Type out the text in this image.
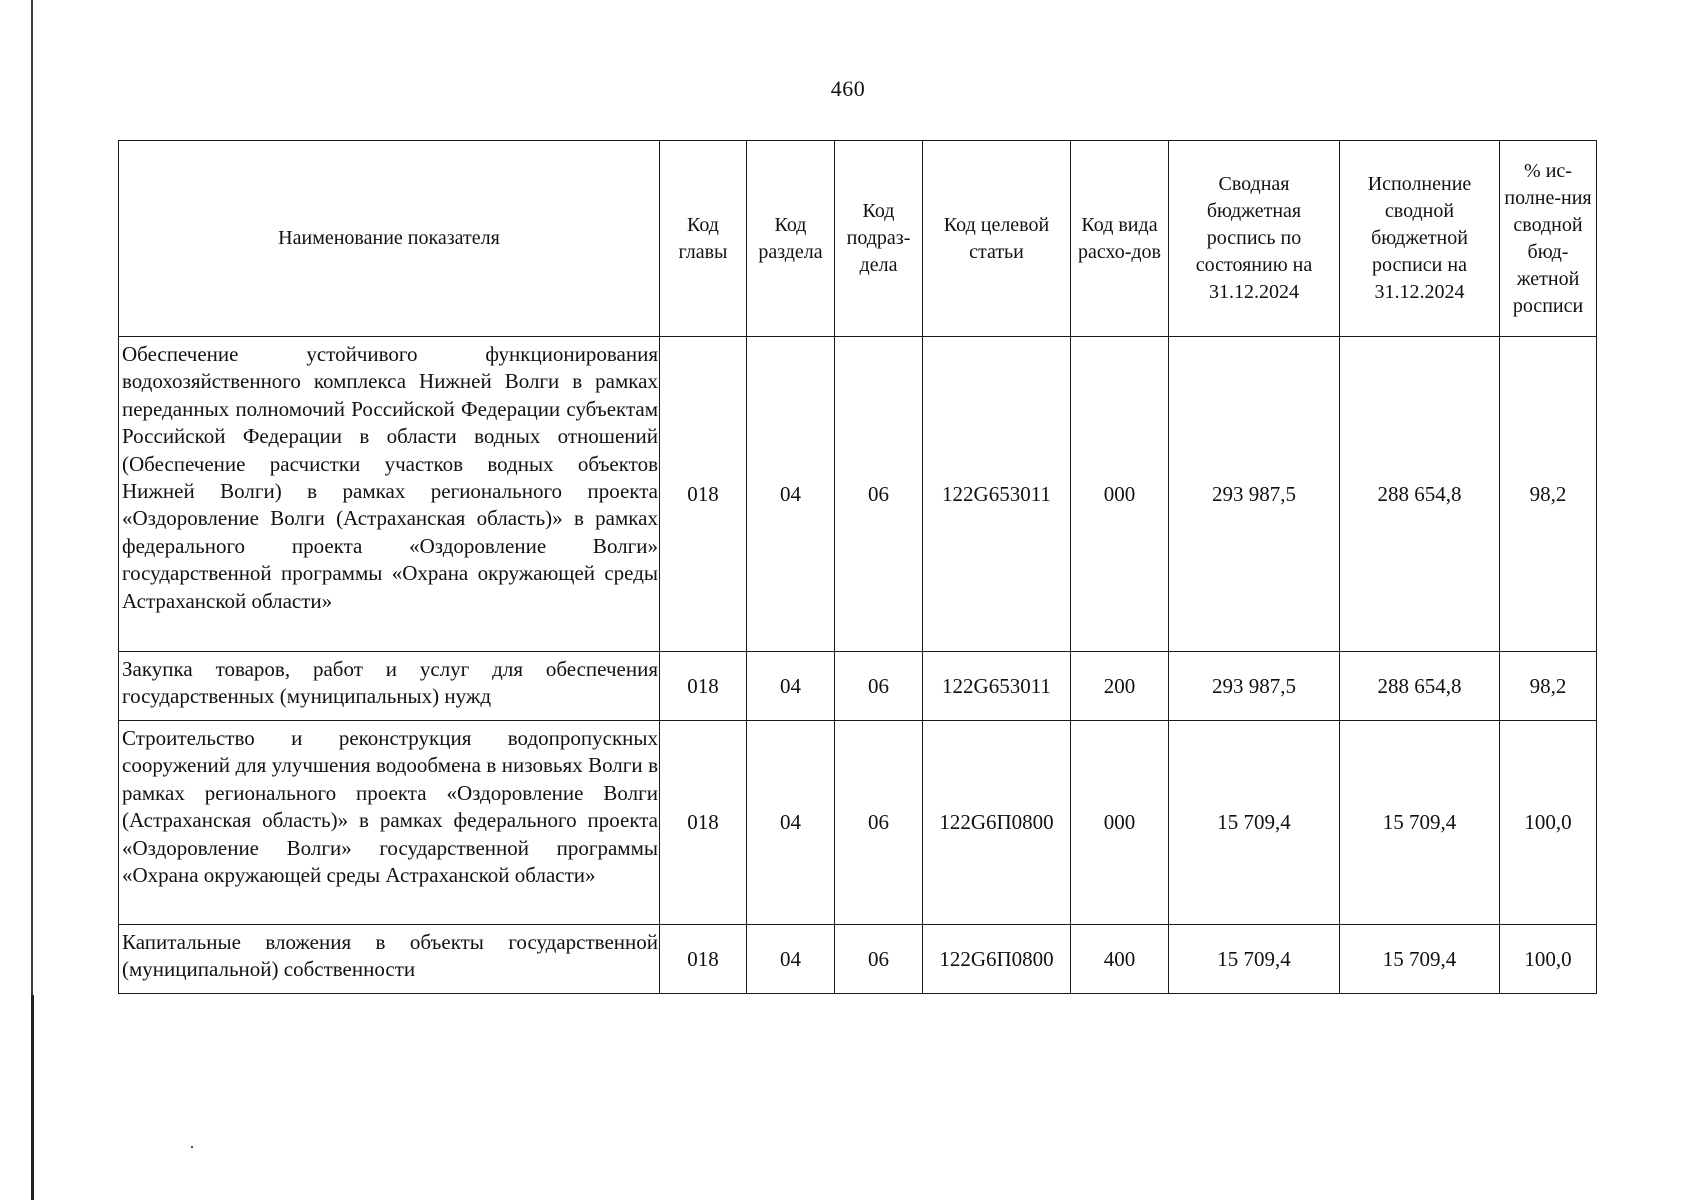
460
Наименование показателя	Код главы	Код раздела	Код подраз-дела	Код целевой статьи	Код вида расхо-дов	Сводная бюджетная роспись по состоянию на 31.12.2024	Исполнение сводной бюджетной росписи на 31.12.2024	% ис-полне-ния сводной бюд-жетной росписи
Обеспечение устойчивого функционирования водохозяйственного комплекса Нижней Волги в рамках переданных полномочий Российской Федерации субъектам Российской Федерации в области водных отношений (Обеспечение расчистки участков водных объектов Нижней Волги) в рамках регионального проекта «Оздоровление Волги (Астраханская область)» в рамках федерального проекта «Оздоровление Волги» государственной программы «Охрана окружающей среды Астраханской области»	018	04	06	122G653011	000	293 987,5	288 654,8	98,2
Закупка товаров, работ и услуг для обеспечения государственных (муниципальных) нужд	018	04	06	122G653011	200	293 987,5	288 654,8	98,2
Строительство и реконструкция водопропускных сооружений для улучшения водообмена в низовьях Волги в рамках регионального проекта «Оздоровление Волги (Астраханская область)» в рамках федерального проекта «Оздоровление Волги» государственной программы «Охрана окружающей среды Астраханской области»	018	04	06	122G6П0800	000	15 709,4	15 709,4	100,0
Капитальные вложения в объекты государственной (муниципальной) собственности	018	04	06	122G6П0800	400	15 709,4	15 709,4	100,0
